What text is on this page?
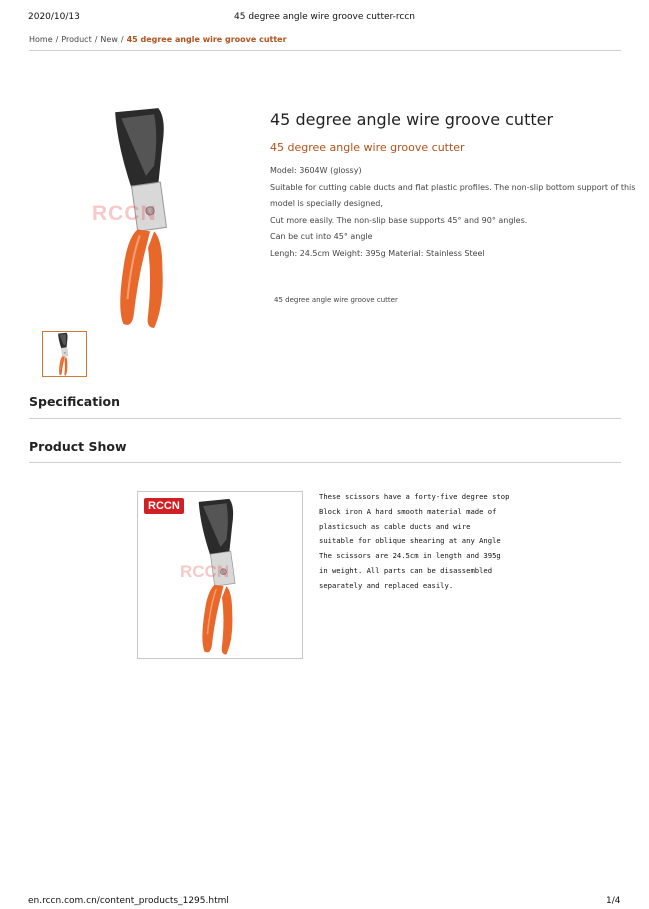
2020/10/13	45 degree angle wire groove cutter-rccn
Home / Product / New / 45 degree angle wire groove cutter
RCCN
45 degree angle wire groove cutter
45 degree angle wire groove cutter
Model: 3604W (glossy)
Suitable for cutting cable ducts and flat plastic profiles. The non-slip bottom support of this
model is specially designed,
Cut more easily. The non-slip base supports 45° and 90° angles.
Can be cut into 45° angle
Lengh: 24.5cm Weight: 395g Material: Stainless Steel
45 degree angle wire groove cutter
Specification
Product Show
RCCN
RCCN
These scissors have a forty-five degree stop
Block iron A hard smooth material made of
plasticsuch as cable ducts and wire
suitable for oblique shearing at any Angle
The scissors are 24.5cm in length and 395g
in weight. All parts can be disassembled
separately and replaced easily.
en.rccn.com.cn/content_products_1295.html	1/4
